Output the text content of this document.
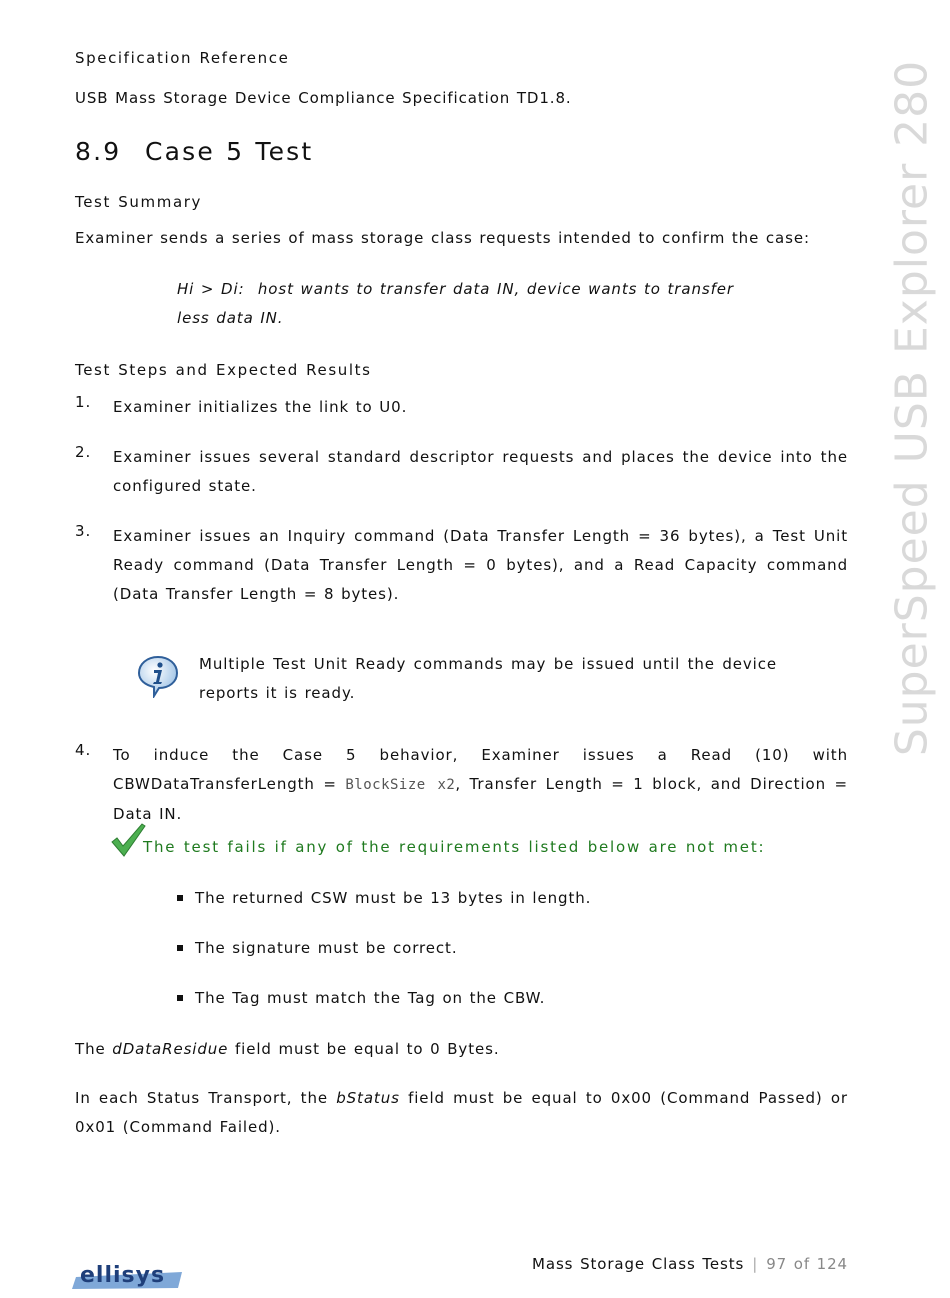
SuperSpeed USB Explorer 280

Specification Reference

USB Mass Storage Device Compliance Specification TD1.8.

8.9 Case 5 Test

Test Summary

Examiner sends a series of mass storage class requests intended to confirm the case:

Hi > Di: host wants to transfer data IN, device wants to transfer less data IN.

Test Steps and Expected Results

1.	Examiner initializes the link to U0.

2.	Examiner issues several standard descriptor requests and places the device into the configured state.

3.	Examiner issues an Inquiry command (Data Transfer Length = 36 bytes), a Test Unit Ready command (Data Transfer Length = 0 bytes), and a Read Capacity command (Data Transfer Length = 8 bytes).

Multiple Test Unit Ready commands may be issued until the device reports it is ready.

4.	To induce the Case 5 behavior, Examiner issues a Read (10) with CBWDataTransferLength = BlockSize x2, Transfer Length = 1 block, and Direction = Data IN.

The test fails if any of the requirements listed below are not met:

The returned CSW must be 13 bytes in length.

The signature must be correct.

The Tag must match the Tag on the CBW.

The dDataResidue field must be equal to 0 Bytes.

In each Status Transport, the bStatus field must be equal to 0x00 (Command Passed) or 0x01 (Command Failed).

ellisys	Mass Storage Class Tests | 97 of 124
